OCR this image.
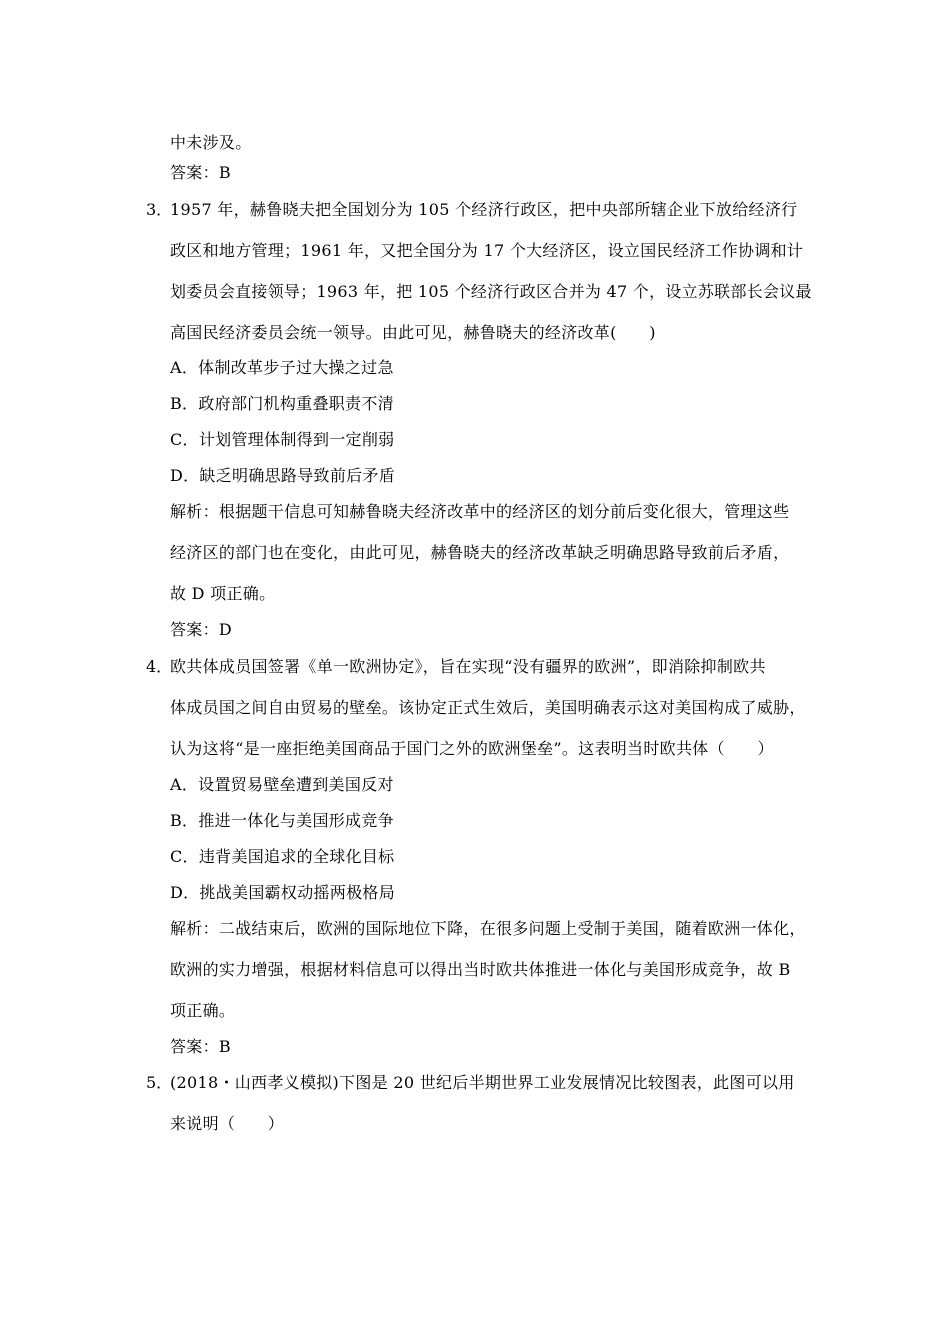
中未涉及。
答案：B
3．
1957 年，赫鲁晓夫把全国划分为 105 个经济行政区，把中央部所辖企业下放给经济行
政区和地方管理；1961 年，又把全国分为 17 个大经济区，设立国民经济工作协调和计
划委员会直接领导；1963 年，把 105 个经济行政区合并为 47 个，设立苏联部长会议最
高国民经济委员会统一领导。由此可见，赫鲁晓夫的经济改革(　　)
A．体制改革步子过大操之过急
B．政府部门机构重叠职责不清
C．计划管理体制得到一定削弱
D．缺乏明确思路导致前后矛盾
解析：根据题干信息可知赫鲁晓夫经济改革中的经济区的划分前后变化很大，管理这些
经济区的部门也在变化，由此可见，赫鲁晓夫的经济改革缺乏明确思路导致前后矛盾，
故 D 项正确。
答案：D
4．
欧共体成员国签署《单一欧洲协定》，旨在实现“没有疆界的欧洲”，即消除抑制欧共
体成员国之间自由贸易的壁垒。该协定正式生效后，美国明确表示这对美国构成了威胁，
认为这将“是一座拒绝美国商品于国门之外的欧洲堡垒”。这表明当时欧共体（　　）
A．设置贸易壁垒遭到美国反对
B．推进一体化与美国形成竞争
C．违背美国追求的全球化目标
D．挑战美国霸权动摇两极格局
解析：二战结束后，欧洲的国际地位下降，在很多问题上受制于美国，随着欧洲一体化，
欧洲的实力增强，根据材料信息可以得出当时欧共体推进一体化与美国形成竞争，故 B
项正确。
答案：B
5．
(2018・山西孝义模拟)下图是 20 世纪后半期世界工业发展情况比较图表，此图可以用
来说明（　　）
